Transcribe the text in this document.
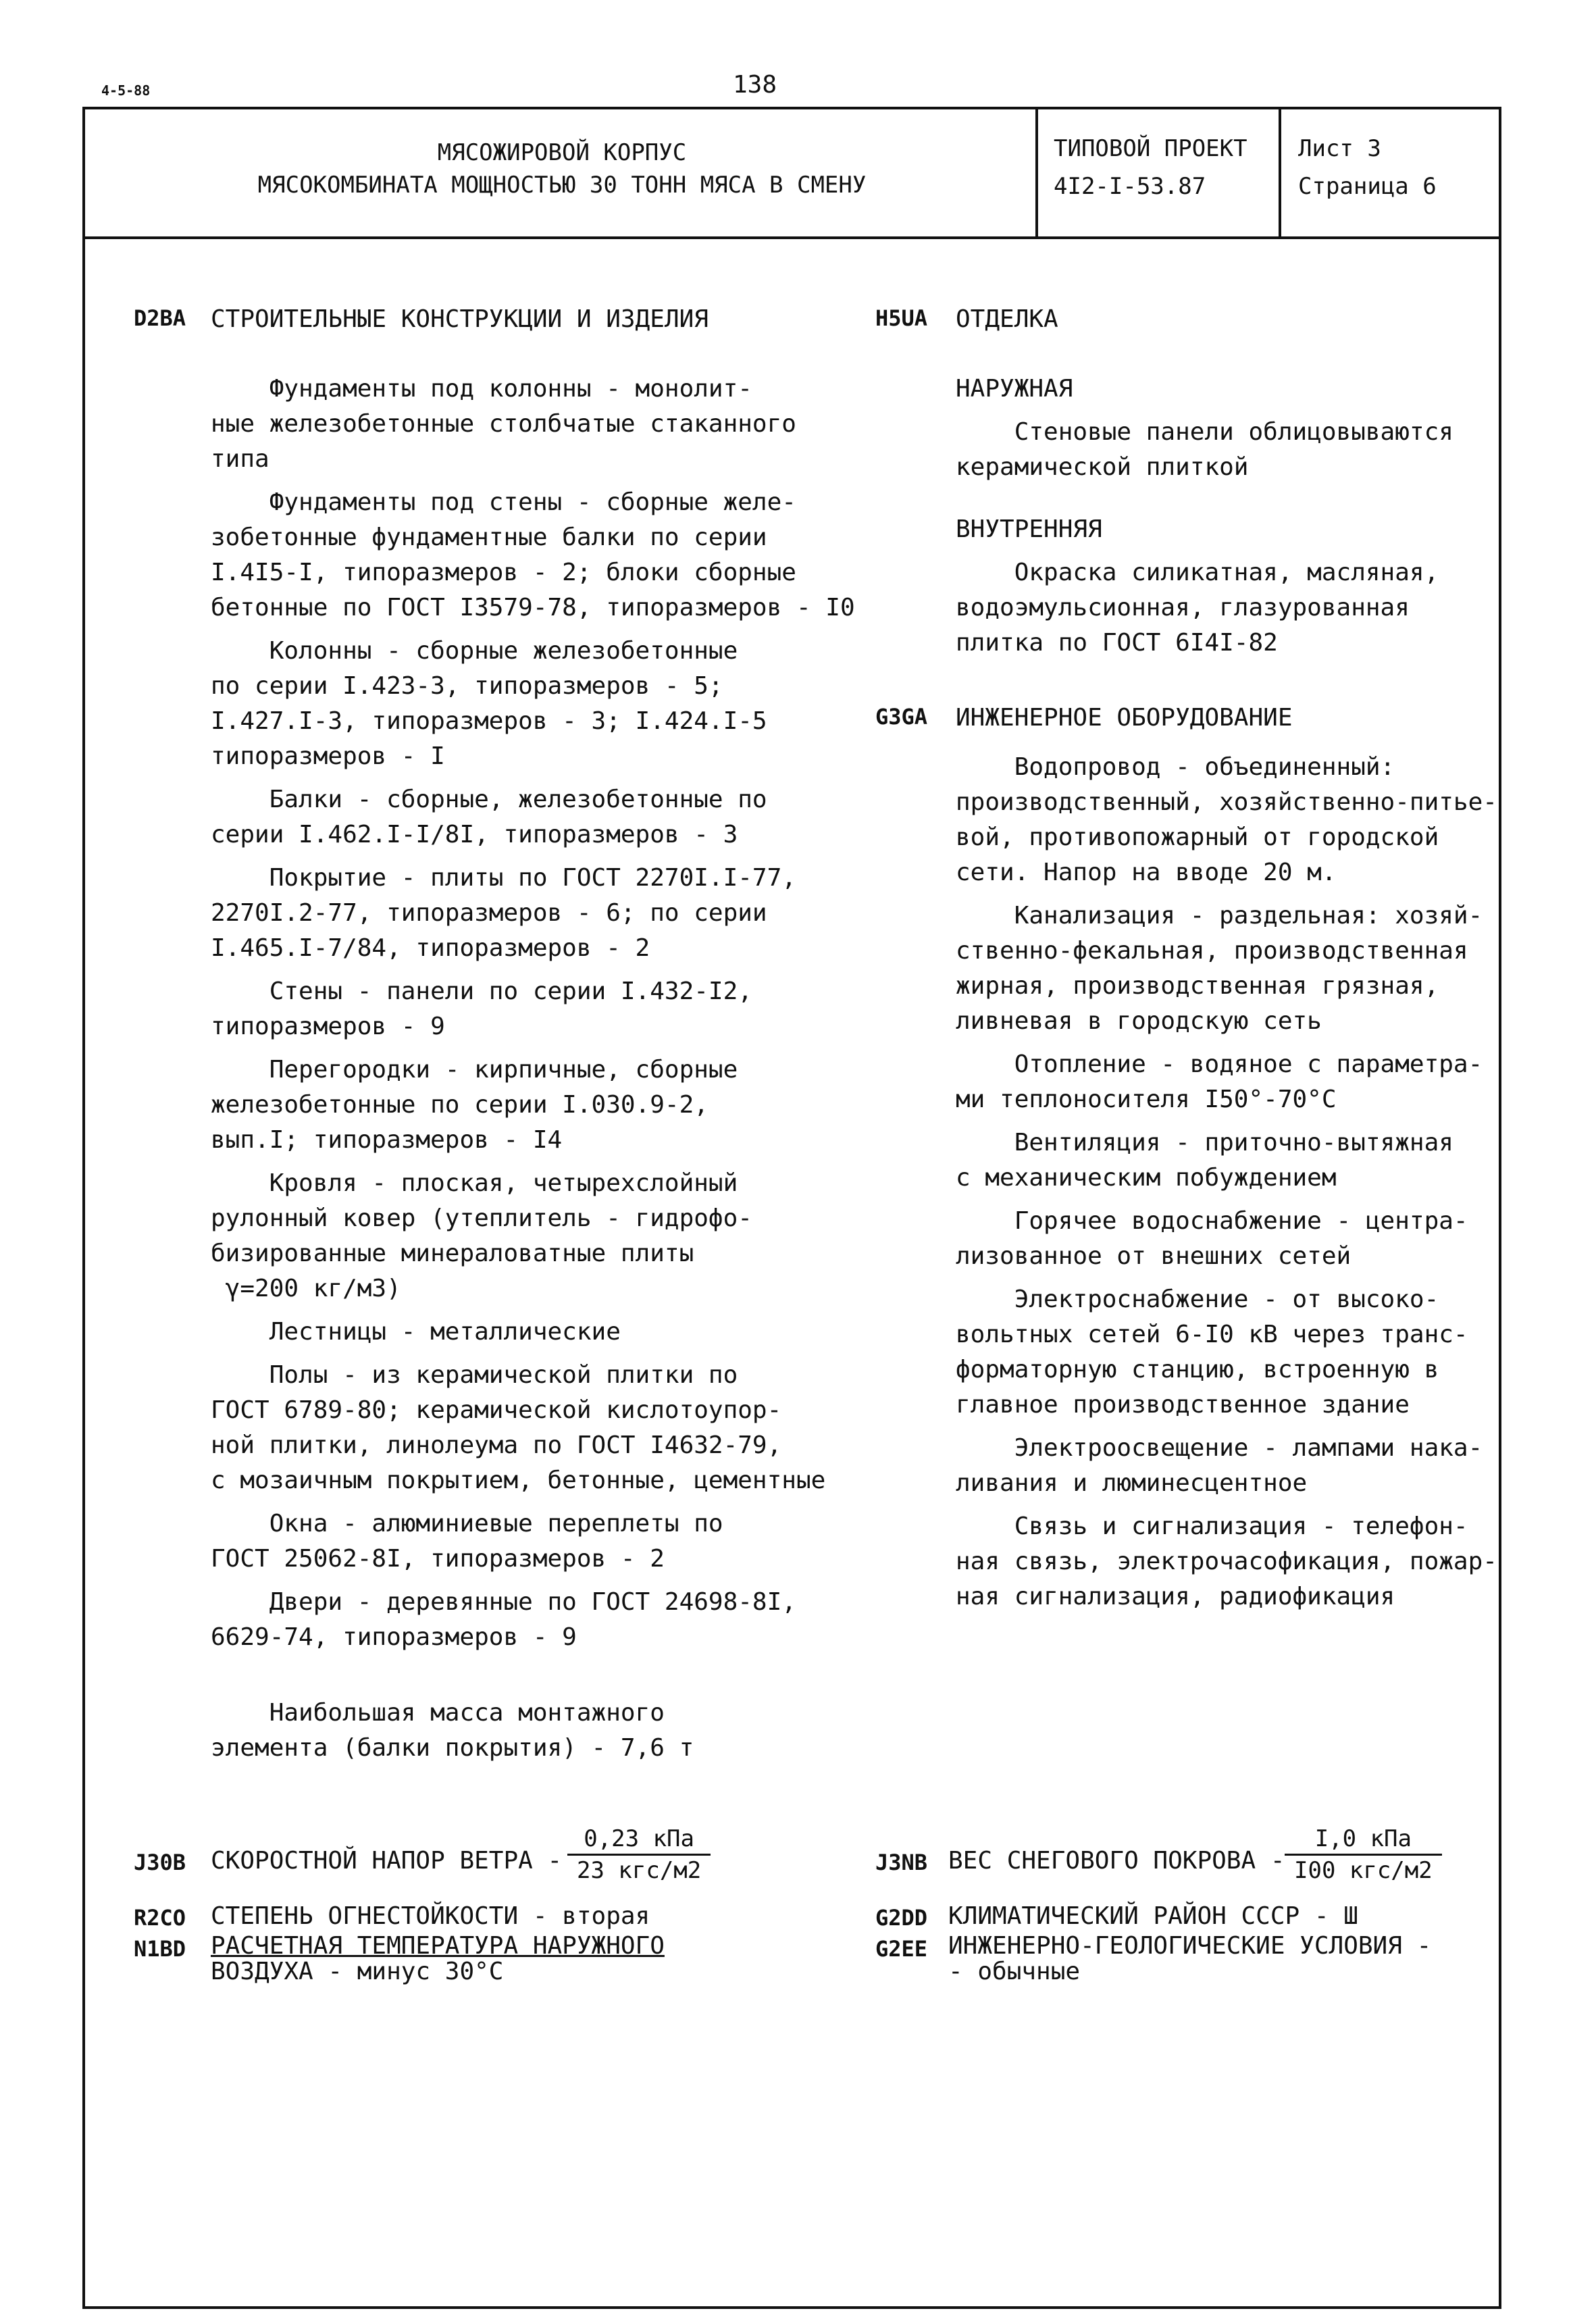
4-5-88	138
МЯСОЖИРОВОЙ КОРПУС
МЯСОКОМБИНАТА МОЩНОСТЬЮ 30 ТОНН МЯСА В СМЕНУ
ТИПОВОЙ ПРОЕКТ
4I2-I-53.87
Лист 3
Страница 6
D2BA СТРОИТЕЛЬНЫЕ КОНСТРУКЦИИ И ИЗДЕЛИЯ
Фундаменты под колонны - монолит-
ные железобетонные столбчатые стаканного
типа
Фундаменты под стены - сборные желе-
зобетонные фундаментные балки по серии
I.4I5-I, типоразмеров - 2; блоки сборные
бетонные по ГОСТ I3579-78, типоразмеров - I0
Колонны - сборные железобетонные
по серии I.423-3, типоразмеров - 5;
I.427.I-3, типоразмеров - 3; I.424.I-5
типоразмеров - I
Балки - сборные, железобетонные по
серии I.462.I-I/8I, типоразмеров - 3
Покрытие - плиты по ГОСТ 2270I.I-77,
2270I.2-77, типоразмеров - 6; по серии
I.465.I-7/84, типоразмеров - 2
Стены - панели по серии I.432-I2,
типоразмеров - 9
Перегородки - кирпичные, сборные
железобетонные по серии I.030.9-2,
вып.I; типоразмеров - I4
Кровля - плоская, четырехслойный
рулонный ковер (утеплитель - гидрофо-
бизированные минераловатные плиты
γ=200 кг/м3)
Лестницы - металлические
Полы - из керамической плитки по
ГОСТ 6789-80; керамической кислотоупор-
ной плитки, линолеума по ГОСТ I4632-79,
с мозаичным покрытием, бетонные, цементные
Окна - алюминиевые переплеты по
ГОСТ 25062-8I, типоразмеров - 2
Двери - деревянные по ГОСТ 24698-8I,
6629-74, типоразмеров - 9
Наибольшая масса монтажного
элемента (балки покрытия) - 7,6 т
H5UA ОТДЕЛКА
НАРУЖНАЯ
Стеновые панели облицовываются
керамической плиткой
ВНУТРЕННЯЯ
Окраска силикатная, масляная,
водоэмульсионная, глазурованная
плитка по ГОСТ 6I4I-82
G3GA ИНЖЕНЕРНОЕ ОБОРУДОВАНИЕ
Водопровод - объединенный:
производственный, хозяйственно-питье-
вой, противопожарный от городской
сети. Напор на вводе 20 м.
Канализация - раздельная: хозяй-
ственно-фекальная, производственная
жирная, производственная грязная,
ливневая в городскую сеть
Отопление - водяное с параметра-
ми теплоносителя I50°-70°С
Вентиляция - приточно-вытяжная
с механическим побуждением
Горячее водоснабжение - центра-
лизованное от внешних сетей
Электроснабжение - от высоко-
вольтных сетей 6-I0 кВ через транс-
форматорную станцию, встроенную в
главное производственное здание
Электроосвещение - лампами нака-
ливания и люминесцентное
Связь и сигнализация - телефон-
ная связь, электрочасофикация, пожар-
ная сигнализация, радиофикация
J30B СКОРОСТНОЙ НАПОР ВЕТРА -
0,23 кПа
23 кгс/м2
R2CO СТЕПЕНЬ ОГНЕСТОЙКОСТИ - вторая
N1BD РАСЧЕТНАЯ ТЕМПЕРАТУРА НАРУЖНОГО
ВОЗДУХА - минус 30°С
J3NB ВЕС СНЕГОВОГО ПОКРОВА -
I,0 кПа
I00 кгс/м2
G2DD КЛИМАТИЧЕСКИЙ РАЙОН СССР - Ш
G2EE ИНЖЕНЕРНО-ГЕОЛОГИЧЕСКИЕ УСЛОВИЯ -
- обычные
